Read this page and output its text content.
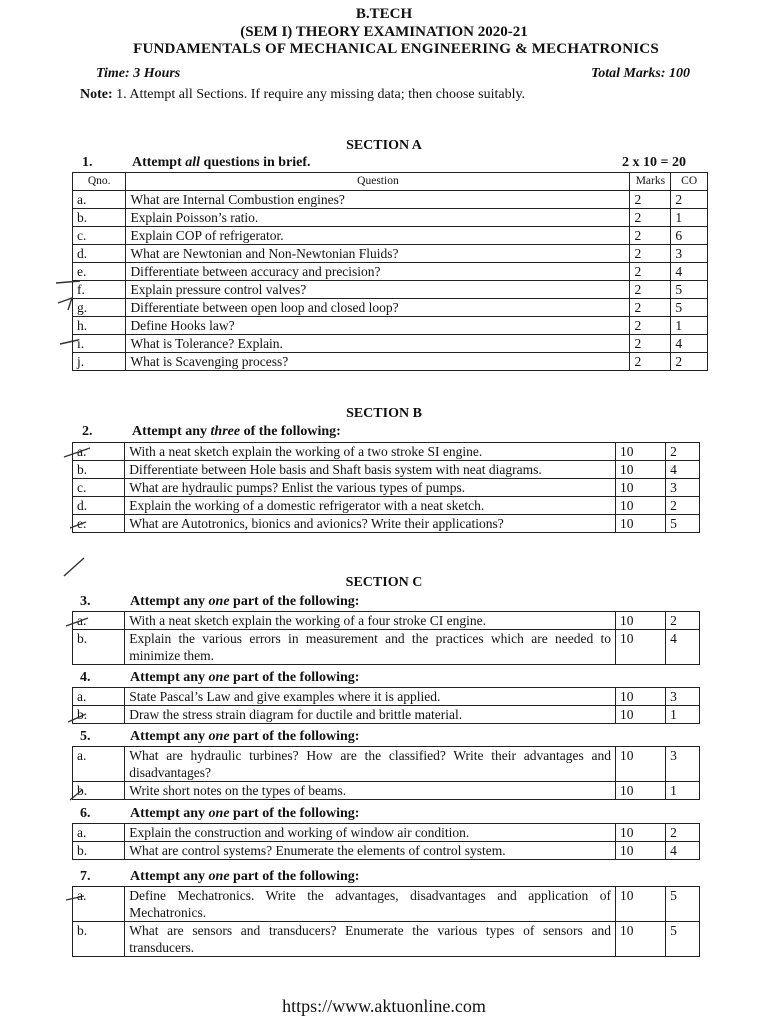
B.TECH
(SEM I) THEORY EXAMINATION 2020-21
FUNDAMENTALS OF MECHANICAL ENGINEERING & MECHATRONICS
Time: 3 Hours	Total Marks: 100
Note: 1. Attempt all Sections. If require any missing data; then choose suitably.
SECTION A
1.	Attempt all questions in brief.	2 x 10 = 20
Qno.	Question	Marks	CO
a.	What are Internal Combustion engines?	2	2
b.	Explain Poisson’s ratio.	2	1
c.	Explain COP of refrigerator.	2	6
d.	What are Newtonian and Non-Newtonian Fluids?	2	3
e.	Differentiate between accuracy and precision?	2	4
f.	Explain pressure control valves?	2	5
g.	Differentiate between open loop and closed loop?	2	5
h.	Define Hooks law?	2	1
i.	What is Tolerance? Explain.	2	4
j.	What is Scavenging process?	2	2
SECTION B
2.	Attempt any three of the following:
a.	With a neat sketch explain the working of a two stroke SI engine.	10	2
b.	Differentiate between Hole basis and Shaft basis system with neat diagrams.	10	4
c.	What are hydraulic pumps? Enlist the various types of pumps.	10	3
d.	Explain the working of a domestic refrigerator with a neat sketch.	10	2
e.	What are Autotronics, bionics and avionics? Write their applications?	10	5
SECTION C
3.	Attempt any one part of the following:
a.	With a neat sketch explain the working of a four stroke CI engine.	10	2
b.	Explain the various errors in measurement and the practices which are needed to minimize them.	10	4
4.	Attempt any one part of the following:
a.	State Pascal’s Law and give examples where it is applied.	10	3
b.	Draw the stress strain diagram for ductile and brittle material.	10	1
5.	Attempt any one part of the following:
a.	What are hydraulic turbines? How are the classified? Write their advantages and disadvantages?	10	3
b.	Write short notes on the types of beams.	10	1
6.	Attempt any one part of the following:
a.	Explain the construction and working of window air condition.	10	2
b.	What are control systems? Enumerate the elements of control system.	10	4
7.	Attempt any one part of the following:
a.	Define Mechatronics. Write the advantages, disadvantages and application of Mechatronics.	10	5
b.	What are sensors and transducers? Enumerate the various types of sensors and transducers.	10	5
https://www.aktuonline.com
